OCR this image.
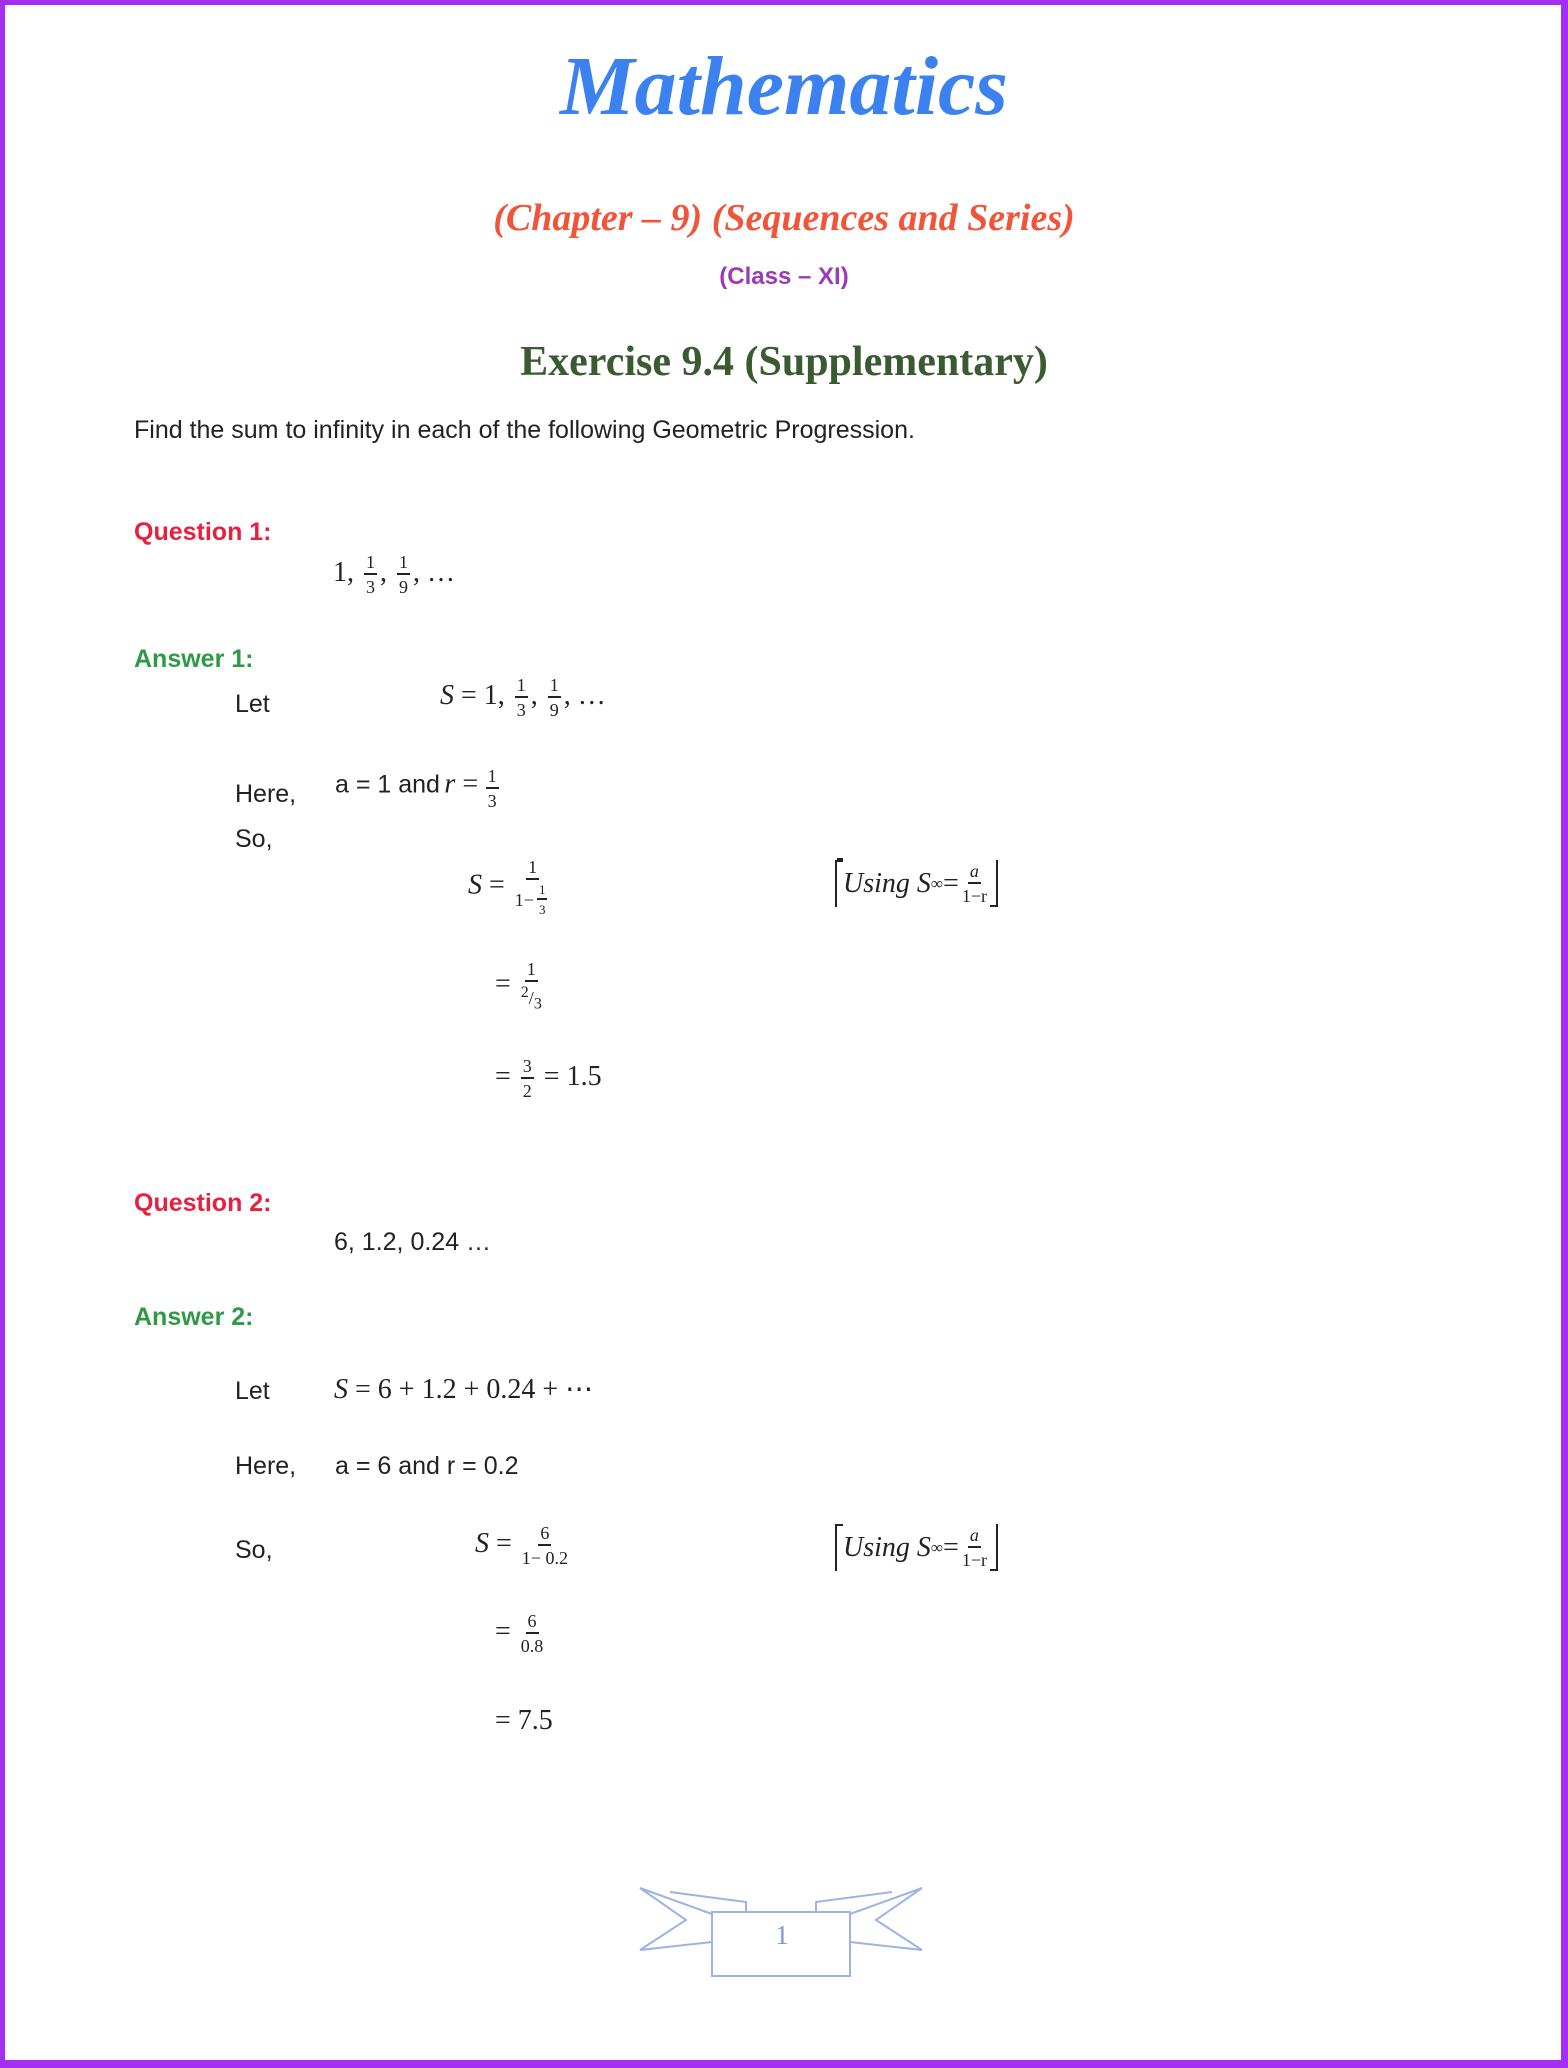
Mathematics
(Chapter – 9) (Sequences and Series)
(Class – XI)
Exercise 9.4 (Supplementary)
Find the sum to infinity in each of the following Geometric Progression.
Question 1:
1, $\frac{1}{3}$ , $\frac{1}{9}$ , …
Answer 1:
Let	S = 1, $\frac{1}{3}$ , $\frac{1}{9}$ , …
Here, a = 1 and $r = \frac{1}{3}$
So,
$S = \frac{1}{1- \frac{1}{3}}$	Using S ∞ = $\frac{a}{1-r}$
= $\frac{1}{^2/_3}$
= $\frac{3}{2} = 1.5$
Question 2:
6, 1.2, 0.24 …
Answer 2:
Let S = 6 + 1.2 + 0.24 + ⋯
Here, a = 6 and r = 0.2
So,	$S = \frac{6}{1- 0.2}$	Using S ∞ = $\frac{a}{1-r}$
= $\frac{6}{0.8}$
= 7.5
1
